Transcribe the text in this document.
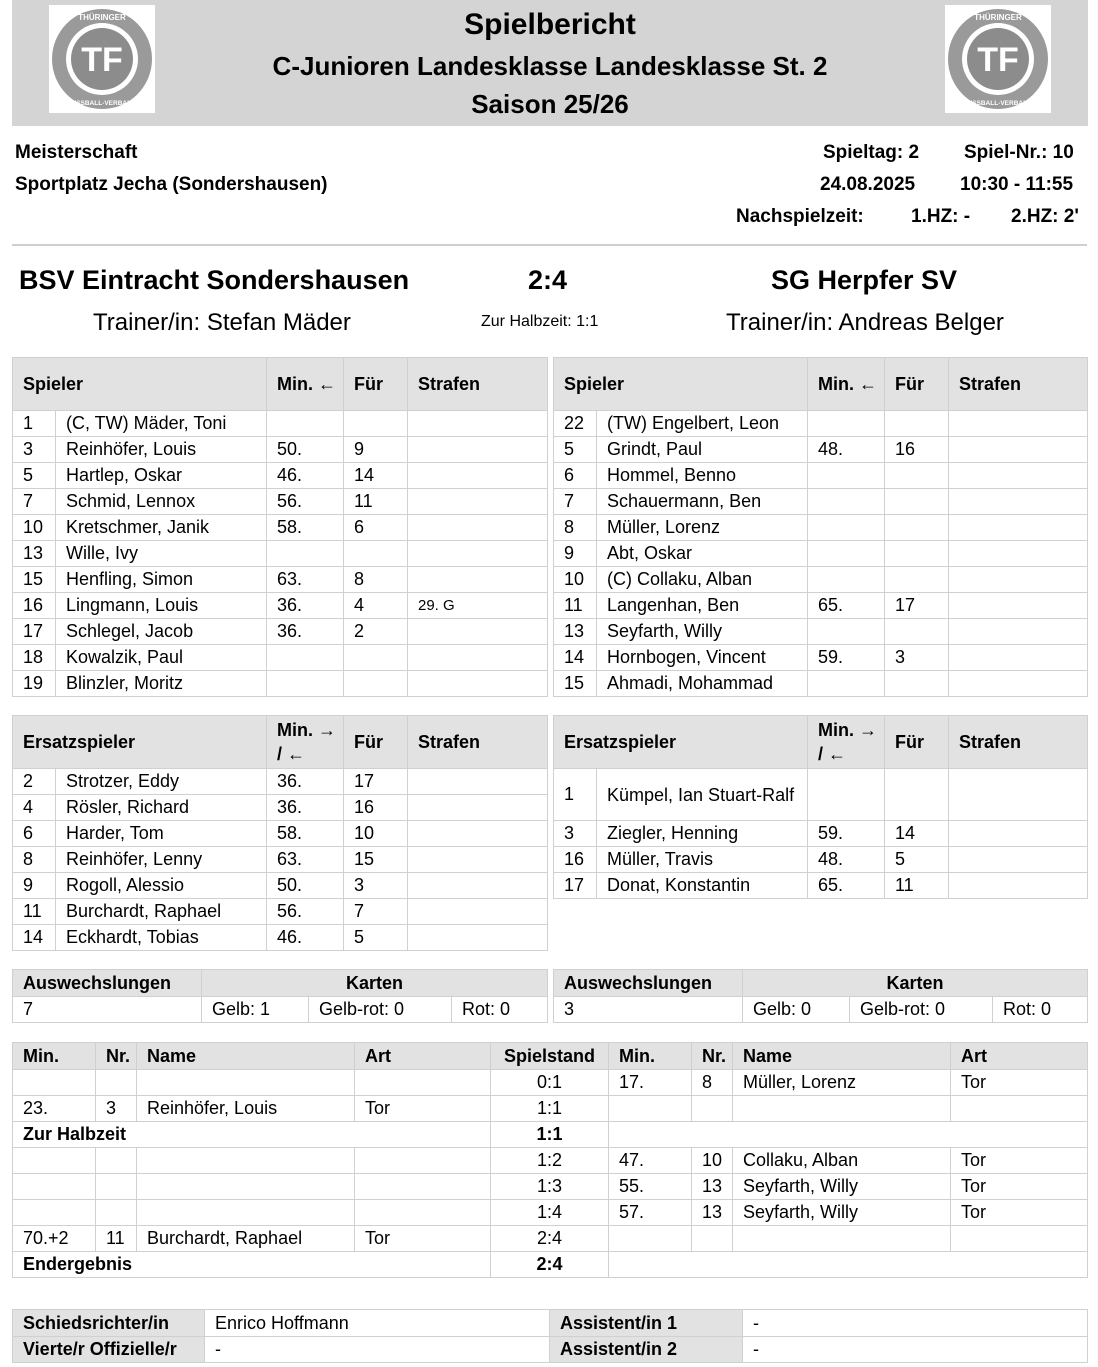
TF
THÜRINGER
FUSSBALL-VERBAND
TF
THÜRINGER
FUSSBALL-VERBAND
Spielbericht
C-Junioren Landesklasse Landesklasse St. 2
Saison 25/26
Meisterschaft
Sportplatz Jecha (Sondershausen)
Spieltag: 2 Spiel-Nr.: 10
24.08.2025 10:30 - 11:55
Nachspielzeit: 1.HZ: - 2.HZ: 2'
BSV Eintracht Sondershausen	2:4	SG Herpfer SV
Trainer/in: Stefan Mäder	Zur Halbzeit: 1:1	Trainer/in: Andreas Belger
Spieler		Min. ←	Für	Strafen
1	(C, TW) Mäder, Toni			
3	Reinhöfer, Louis	50.	9	
5	Hartlep, Oskar	46.	14	
7	Schmid, Lennox	56.	11	
10	Kretschmer, Janik	58.	6	
13	Wille, Ivy			
15	Henfling, Simon	63.	8	
16	Lingmann, Louis	36.	4	29. G
17	Schlegel, Jacob	36.	2	
18	Kowalzik, Paul			
19	Blinzler, Moritz			
Spieler		Min. ←	Für	Strafen
22	(TW) Engelbert, Leon			
5	Grindt, Paul	48.	16	
6	Hommel, Benno			
7	Schauermann, Ben			
8	Müller, Lorenz			
9	Abt, Oskar			
10	(C) Collaku, Alban			
11	Langenhan, Ben	65.	17	
13	Seyfarth, Willy			
14	Hornbogen, Vincent	59.	3	
15	Ahmadi, Mohammad			
Ersatzspieler		Min. → / ←	Für	Strafen
2	Strotzer, Eddy	36.	17	
4	Rösler, Richard	36.	16	
6	Harder, Tom	58.	10	
8	Reinhöfer, Lenny	63.	15	
9	Rogoll, Alessio	50.	3	
11	Burchardt, Raphael	56.	7	
14	Eckhardt, Tobias	46.	5	
Ersatzspieler		Min. → / ←	Für	Strafen
1	Kümpel, Ian Stuart-Ralf			
3	Ziegler, Henning	59.	14	
16	Müller, Travis	48.	5	
17	Donat, Konstantin	65.	11	
Auswechslungen	Karten		
7	Gelb: 1	Gelb-rot: 0	Rot: 0
Auswechslungen	Karten		
3	Gelb: 0	Gelb-rot: 0	Rot: 0
Min.	Nr.	Name	Art	Spielstand	Min.	Nr.	Name	Art
				0:1	17.	8	Müller, Lorenz	Tor
23.	3	Reinhöfer, Louis	Tor	1:1				
Zur Halbzeit				1:1				
				1:2	47.	10	Collaku, Alban	Tor
				1:3	55.	13	Seyfarth, Willy	Tor
				1:4	57.	13	Seyfarth, Willy	Tor
70.+2	11	Burchardt, Raphael	Tor	2:4				
Endergebnis				2:4				
Schiedsrichter/in	Enrico Hoffmann	Assistent/in 1	-
Vierte/r Offizielle/r	-	Assistent/in 2	-
